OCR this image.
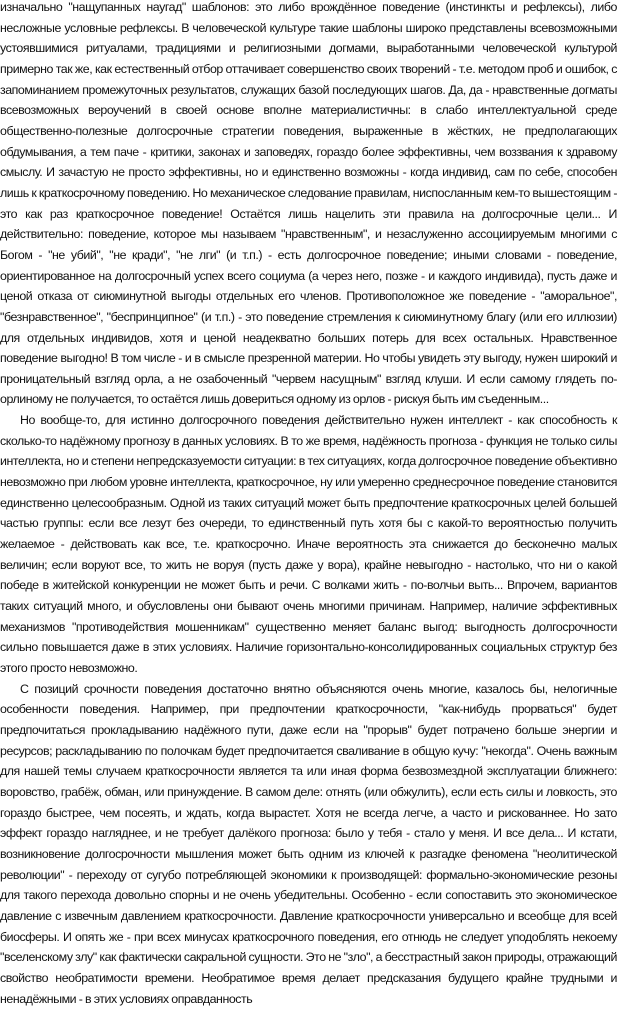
изначально "нащупанных наугад" шаблонов: это либо врождённое поведение (инстинкты и рефлексы), либо несложные условные рефлексы. В человеческой культуре такие шаблоны широко представлены всевозможными устоявшимися ритуалами, традициями и религиозными догмами, выработанными человеческой культурой примерно так же, как естественный отбор оттачивает совершенство своих творений - т.е. методом проб и ошибок, с запоминанием промежуточных результатов, служащих базой последующих шагов. Да, да - нравственные догматы всевозможных вероучений в своей основе вполне материалистичны: в слабо интеллектуальной среде общественно-полезные долгосрочные стратегии поведения, выраженные в жёстких, не предполагающих обдумывания, а тем паче - критики, законах и заповедях, гораздо более эффективны, чем воззвания к здравому смыслу. И зачастую не просто эффективны, но и единственно возможны - когда индивид, сам по себе, способен лишь к краткосрочному поведению. Но механическое следование правилам, ниспосланным кем-то вышестоящим - это как раз краткосрочное поведение! Остаётся лишь нацелить эти правила на долгосрочные цели... И действительно: поведение, которое мы называем "нравственным", и незаслуженно ассоциируемым многими с Богом - "не убий", "не кради", "не лги" (и т.п.) - есть долгосрочное поведение; иными словами - поведение, ориентированное на долгосрочный успех всего социума (а через него, позже - и каждого индивида), пусть даже и ценой отказа от сиюминутной выгоды отдельных его членов. Противоположное же поведение - "аморальное", "безнравственное", "беспринципное" (и т.п.) - это поведение стремления к сиюминутному благу (или его иллюзии) для отдельных индивидов, хотя и ценой неадекватно больших потерь для всех остальных. Нравственное поведение выгодно! В том числе - и в смысле презренной материи. Но чтобы увидеть эту выгоду, нужен широкий и проницательный взгляд орла, а не озабоченный "червем насущным" взгляд клуши. И если самому глядеть по-орлиному не получается, то остаётся лишь довериться одному из орлов - рискуя быть им съеденным...

Но вообще-то, для истинно долгосрочного поведения действительно нужен интеллект - как способность к сколько-то надёжному прогнозу в данных условиях. В то же время, надёжность прогноза - функция не только силы интеллекта, но и степени непредсказуемости ситуации: в тех ситуациях, когда долгосрочное поведение объективно невозможно при любом уровне интеллекта, краткосрочное, ну или умеренно среднесрочное поведение становится единственно целесообразным. Одной из таких ситуаций может быть предпочтение краткосрочных целей большей частью группы: если все лезут без очереди, то единственный путь хотя бы с какой-то вероятностью получить желаемое - действовать как все, т.е. краткосрочно. Иначе вероятность эта снижается до бесконечно малых величин; если воруют все, то жить не воруя (пусть даже у вора), крайне невыгодно - настолько, что ни о какой победе в житейской конкуренции не может быть и речи. С волками жить - по-волчьи выть... Впрочем, вариантов таких ситуаций много, и обусловлены они бывают очень многими причинам. Например, наличие эффективных механизмов "противодействия мошенникам" существенно меняет баланс выгод: выгодность долгосрочности сильно повышается даже в этих условиях. Наличие горизонтально-консолидированных социальных структур без этого просто невозможно.

С позиций срочности поведения достаточно внятно объясняются очень многие, казалось бы, нелогичные особенности поведения. Например, при предпочтении краткосрочности, "как-нибудь прорваться" будет предпочитаться прокладыванию надёжного пути, даже если на "прорыв" будет потрачено больше энергии и ресурсов; раскладыванию по полочкам будет предпочитается сваливание в общую кучу: "некогда". Очень важным для нашей темы случаем краткосрочности является та или иная форма безвозмездной эксплуатации ближнего: воровство, грабёж, обман, или принуждение. В самом деле: отнять (или обжулить), если есть силы и ловкость, это гораздо быстрее, чем посеять, и ждать, когда вырастет. Хотя не всегда легче, а часто и рискованнее. Но зато эффект гораздо нагляднее, и не требует далёкого прогноза: было у тебя - стало у меня. И все дела... И кстати, возникновение долгосрочности мышления может быть одним из ключей к разгадке феномена "неолитической революции" - переходу от сугубо потребляющей экономики к производящей: формально-экономические резоны для такого перехода довольно спорны и не очень убедительны. Особенно - если сопоставить это экономическое давление с извечным давлением краткосрочности. Давление краткосрочности универсально и всеобще для всей биосферы. И опять же - при всех минусах краткосрочного поведения, его отнюдь не следует уподоблять некоему "вселенскому злу" как фактически сакральной сущности. Это не "зло", а бесстрастный закон природы, отражающий свойство необратимости времени. Необратимое время делает предсказания будущего крайне трудными и ненадёжными - в этих условиях оправданность
